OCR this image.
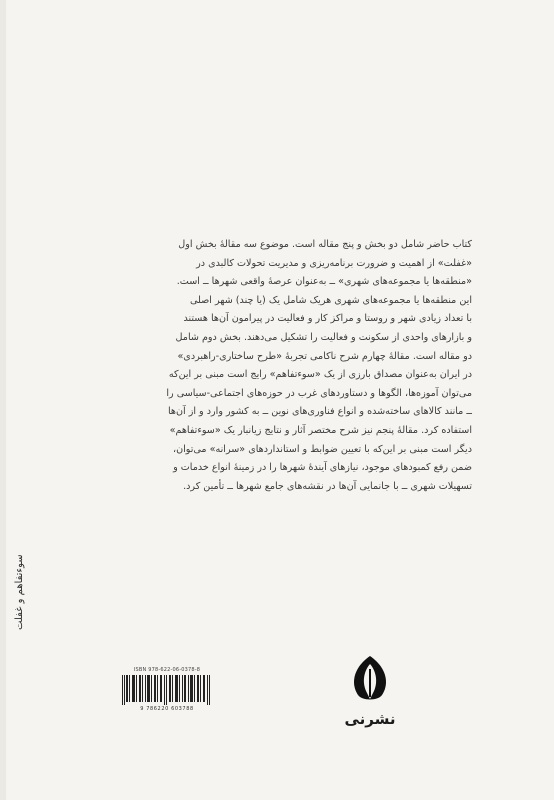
کتاب حاضر شامل دو بخش و پنج مقاله است. موضوع سه مقالهٔ بخش اول

«غفلت» از اهمیت و ضرورت برنامه‌ریزی و مدیریت تحولات کالبدی در

«منطقه‌ها یا مجموعه‌های شهری» ــ به‌عنوان عرصهٔ واقعی شهرها ــ است.

این منطقه‌ها یا مجموعه‌های شهری هریک شامل یک (یا چند) شهر اصلی

با تعداد زیادی شهر و روستا و مراکز کار و فعالیت در پیرامون آن‌ها هستند

و بازارهای واحدی از سکونت و فعالیت را تشکیل می‌دهند. بخش دوم شامل

دو مقاله است. مقالهٔ چهارم شرح ناکامی تجربهٔ «طرح ساختاری-راهبردی»

در ایران به‌عنوان مصداق بارزی از یک «سوءتفاهم» رایج است مبنی بر این‌که

می‌توان آموزه‌ها، الگوها و دستاوردهای غرب در حوزه‌های اجتماعی-سیاسی را

ــ مانند کالاهای ساخته‌شده و انواع فناوری‌های نوین ــ به کشور وارد و از آن‌ها

استفاده کرد. مقالهٔ پنجم نیز شرح مختصر آثار و نتایج زیانبار یک «سوءتفاهم»

دیگر است مبنی بر این‌که با تعیین ضوابط و استانداردهای «سرانه» می‌توان،

ضمن رفع کمبودهای موجود، نیازهای آیندهٔ شهرها را در زمینهٔ انواع خدمات و

تسهیلات شهری ــ با جانمایی آن‌ها در نقشه‌های جامع شهرها ــ تأمین کرد.

سوءتفاهم و غفلت
ISBN 978-622-06-0378-8
9 786220 603788
نشرنی
